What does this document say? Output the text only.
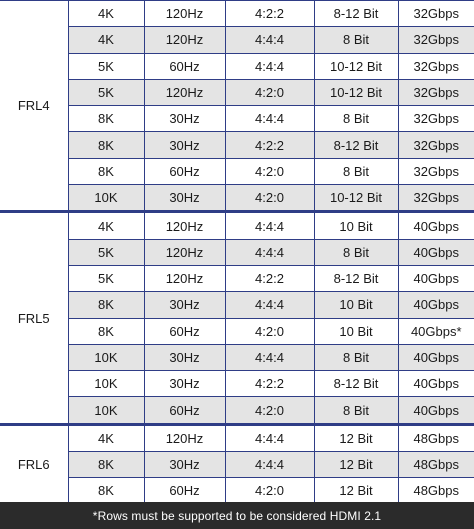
FRL4	4K	120Hz	4:2:2	8-12 Bit	32Gbps
	4K	120Hz	4:4:4	8 Bit	32Gbps
	5K	60Hz	4:4:4	10-12 Bit	32Gbps
	5K	120Hz	4:2:0	10-12 Bit	32Gbps
	8K	30Hz	4:4:4	8 Bit	32Gbps
	8K	30Hz	4:2:2	8-12 Bit	32Gbps
	8K	60Hz	4:2:0	8 Bit	32Gbps
	10K	30Hz	4:2:0	10-12 Bit	32Gbps
FRL5	4K	120Hz	4:4:4	10 Bit	40Gbps
	5K	120Hz	4:4:4	8 Bit	40Gbps
	5K	120Hz	4:2:2	8-12 Bit	40Gbps
	8K	30Hz	4:4:4	10 Bit	40Gbps
	8K	60Hz	4:2:0	10 Bit	40Gbps*
	10K	30Hz	4:4:4	8 Bit	40Gbps
	10K	30Hz	4:2:2	8-12 Bit	40Gbps
	10K	60Hz	4:2:0	8 Bit	40Gbps
FRL6	4K	120Hz	4:4:4	12 Bit	48Gbps
	8K	30Hz	4:4:4	12 Bit	48Gbps
	8K	60Hz	4:2:0	12 Bit	48Gbps
*Rows must be supported to be considered HDMI 2.1
